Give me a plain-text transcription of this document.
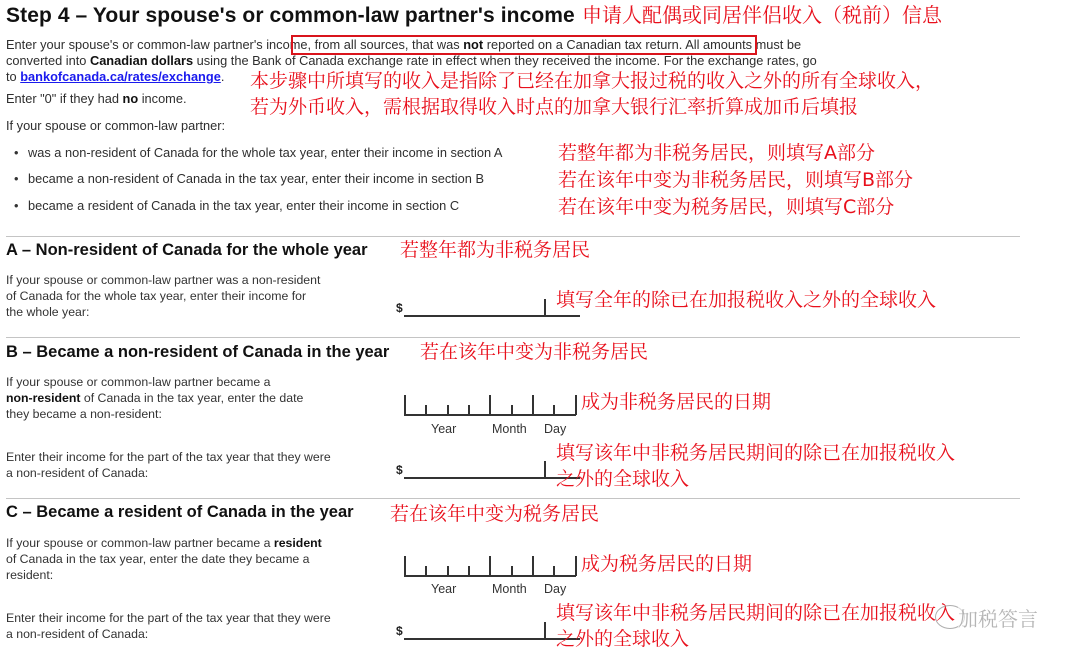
Step 4 – Your spouse's or common-law partner's income 申请人配偶或同居伴侣收入（税前）信息
Enter your spouse's or common-law partner's income, from all sources, that was not reported on a Canadian tax return. All amounts must be
converted into Canadian dollars using the Bank of Canada exchange rate in effect when they received the income. For the exchange rates, go
to bankofcanada.ca/rates/exchange. 本步骤中所填写的收入是指除了已经在加拿大报过税的收入之外的所有全球收入，
若为外币收入，需根据取得收入时点的加拿大银行汇率折算成加币后填报
Enter "0" if they had no income.
If your spouse or common-law partner:
• was a non-resident of Canada for the whole tax year, enter their income in section A	若整年都为非税务居民，则填写A部分
• became a non-resident of Canada in the tax year, enter their income in section B	若在该年中变为非税务居民，则填写B部分
• became a resident of Canada in the tax year, enter their income in section C	若在该年中变为税务居民，则填写C部分
A – Non-resident of Canada for the whole year 若整年都为非税务居民
If your spouse or common-law partner was a non-resident
of Canada for the whole tax year, enter their income for
the whole year:	$	填写全年的除已在加报税收入之外的全球收入
B – Became a non-resident of Canada in the year 若在该年中变为非税务居民
If your spouse or common-law partner became a
non-resident of Canada in the tax year, enter the date
they became a non-resident:
Year	Month Day
成为非税务居民的日期
Enter their income for the part of the tax year that they were
a non-resident of Canada:	$
填写该年中非税务居民期间的除已在加报税收入
之外的全球收入
C – Became a resident of Canada in the year 若在该年中变为税务居民
If your spouse or common-law partner became a resident
of Canada in the tax year, enter the date they became a
resident:
Year	Month Day
成为税务居民的日期
Enter their income for the part of the tax year that they were
a non-resident of Canada:	$
填写该年中非税务居民期间的除已在加报税收入
之外的全球收入
加税答言
